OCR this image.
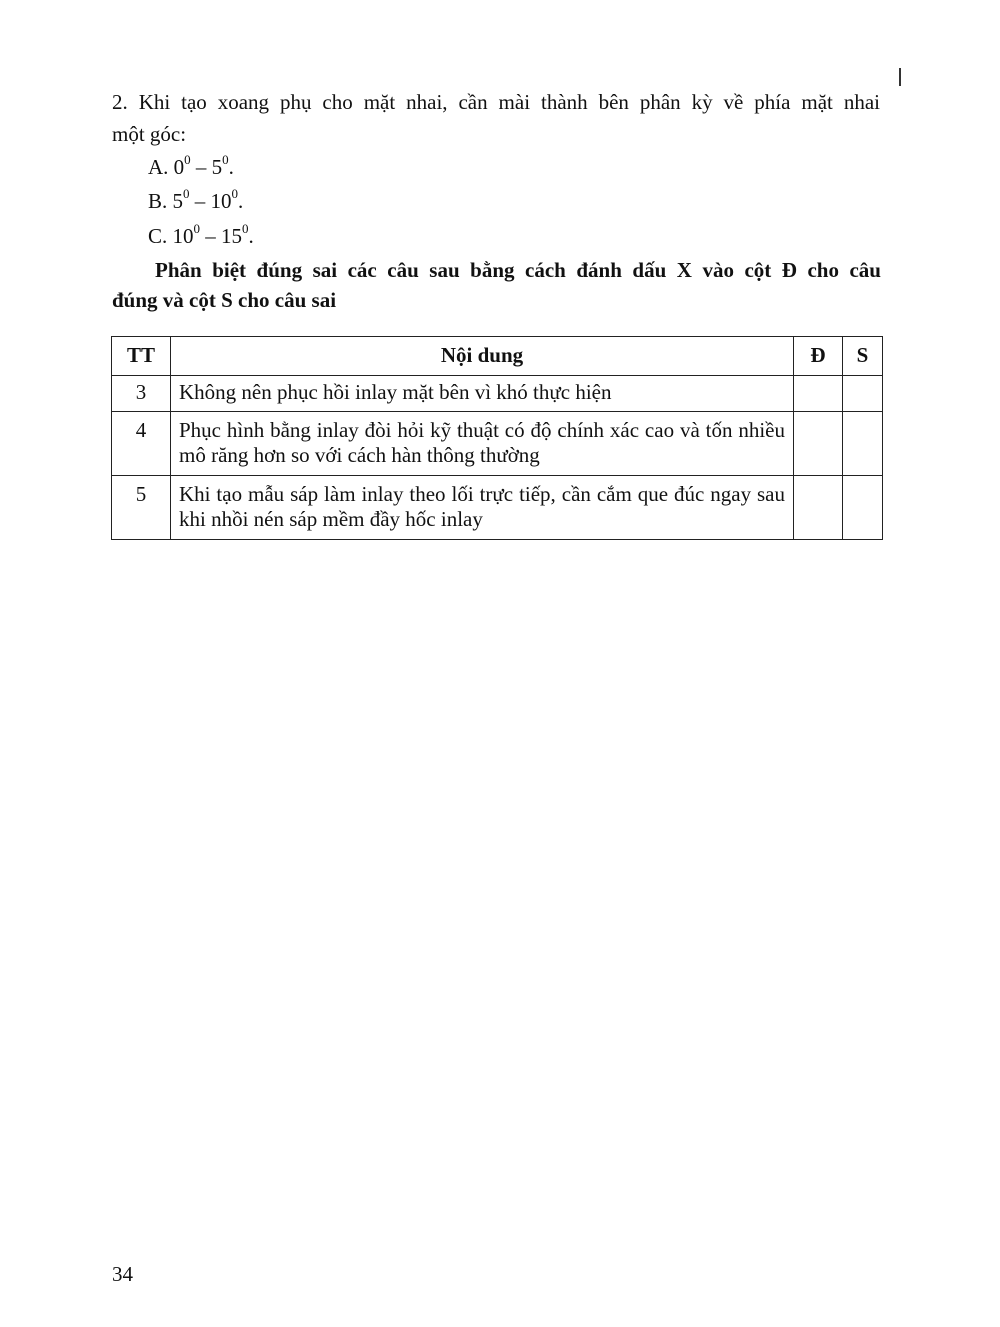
2. Khi tạo xoang phụ cho mặt nhai, cần mài thành bên phân kỳ về phía mặt nhai
một góc:
A. $0^0 - 5^0$.
B. $5^0 - 10^0$.
C. $10^0 - 15^0$.
Phân biệt đúng sai các câu sau bằng cách đánh dấu X vào cột Đ cho câu
đúng và cột S cho câu sai
TT	Nội dung	Đ	S
3	Không nên phục hồi inlay mặt bên vì khó thực hiện		
4	Phục hình bằng inlay đòi hỏi kỹ thuật có độ chính xác cao và tốn nhiều mô răng hơn so với cách hàn thông thường		
5	Khi tạo mẫu sáp làm inlay theo lối trực tiếp, cần cắm que đúc ngay sau khi nhồi nén sáp mềm đầy hốc inlay		
34
